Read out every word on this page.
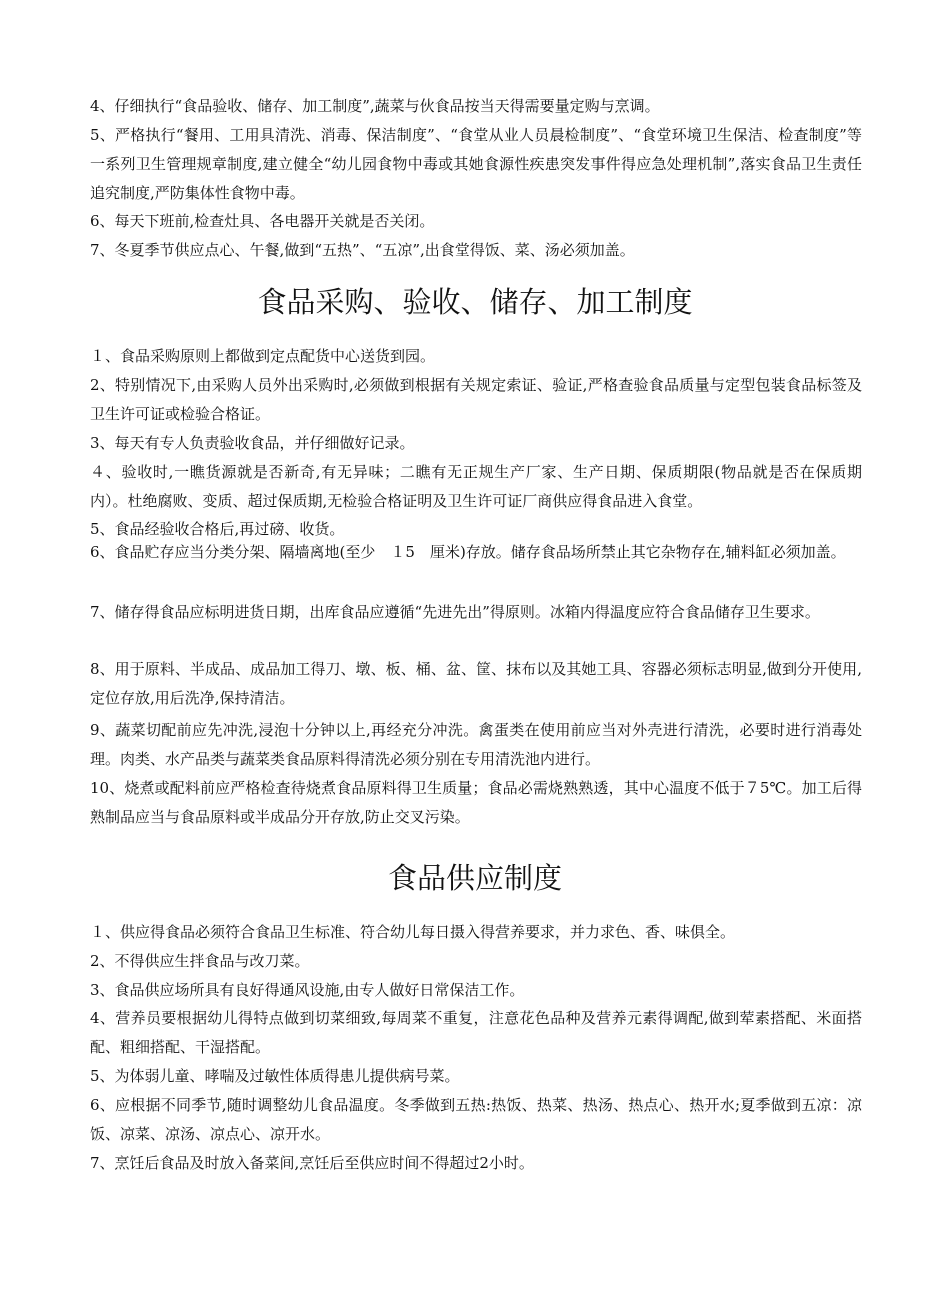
4、仔细执行“食品验收、储存、加工制度”,蔬菜与伙食品按当天得需要量定购与烹调。

5、严格执行“餐用、工用具清洗、消毒、保洁制度”、“食堂从业人员晨检制度”、“食堂环境卫生保洁、检查制度”等一系列卫生管理规章制度,建立健全“幼儿园食物中毒或其她食源性疾患突发事件得应急处理机制”,落实食品卫生责任追究制度,严防集体性食物中毒。

6、每天下班前,检查灶具、各电器开关就是否关闭。

7、冬夏季节供应点心、午餐,做到“五热”、“五凉”,出食堂得饭、菜、汤必须加盖。

食品采购、验收、储存、加工制度

１、食品采购原则上都做到定点配货中心送货到园。

2、特别情况下,由采购人员外出采购时,必须做到根据有关规定索证、验证,严格查验食品质量与定型包装食品标签及卫生许可证或检验合格证。

3、每天有专人负责验收食品，并仔细做好记录。

４、验收时,一瞧货源就是否新奇,有无异味；二瞧有无正规生产厂家、生产日期、保质期限(物品就是否在保质期内）。杜绝腐败、变质、超过保质期,无检验合格证明及卫生许可证厂商供应得食品进入食堂。

5、食品经验收合格后,再过磅、收货。

6、食品贮存应当分类分架、隔墙离地(至少　１5　厘米)存放。储存食品场所禁止其它杂物存在,辅料缸必须加盖。

7、储存得食品应标明进货日期，出库食品应遵循“先进先出”得原则。冰箱内得温度应符合食品储存卫生要求。

8、用于原料、半成品、成品加工得刀、墩、板、桶、盆、筐、抹布以及其她工具、容器必须标志明显,做到分开使用,定位存放,用后洗净,保持清洁。

9、蔬菜切配前应先冲洗,浸泡十分钟以上,再经充分冲洗。禽蛋类在使用前应当对外壳进行清洗，必要时进行消毒处理。肉类、水产品类与蔬菜类食品原料得清洗必须分别在专用清洗池内进行。

10、烧煮或配料前应严格检查待烧煮食品原料得卫生质量；食品必需烧熟熟透，其中心温度不低于７5℃。加工后得熟制品应当与食品原料或半成品分开存放,防止交叉污染。

食品供应制度

１、供应得食品必须符合食品卫生标准、符合幼儿每日摄入得营养要求，并力求色、香、味俱全。

2、不得供应生拌食品与改刀菜。

3、食品供应场所具有良好得通风设施,由专人做好日常保洁工作。

4、营养员要根据幼儿得特点做到切菜细致,每周菜不重复，注意花色品种及营养元素得调配,做到荤素搭配、米面搭配、粗细搭配、干湿搭配。

5、为体弱儿童、哮喘及过敏性体质得患儿提供病号菜。

6、应根据不同季节,随时调整幼儿食品温度。冬季做到五热:热饭、热菜、热汤、热点心、热开水;夏季做到五凉：凉饭、凉菜、凉汤、凉点心、凉开水。

7、烹饪后食品及时放入备菜间,烹饪后至供应时间不得超过2小时。
